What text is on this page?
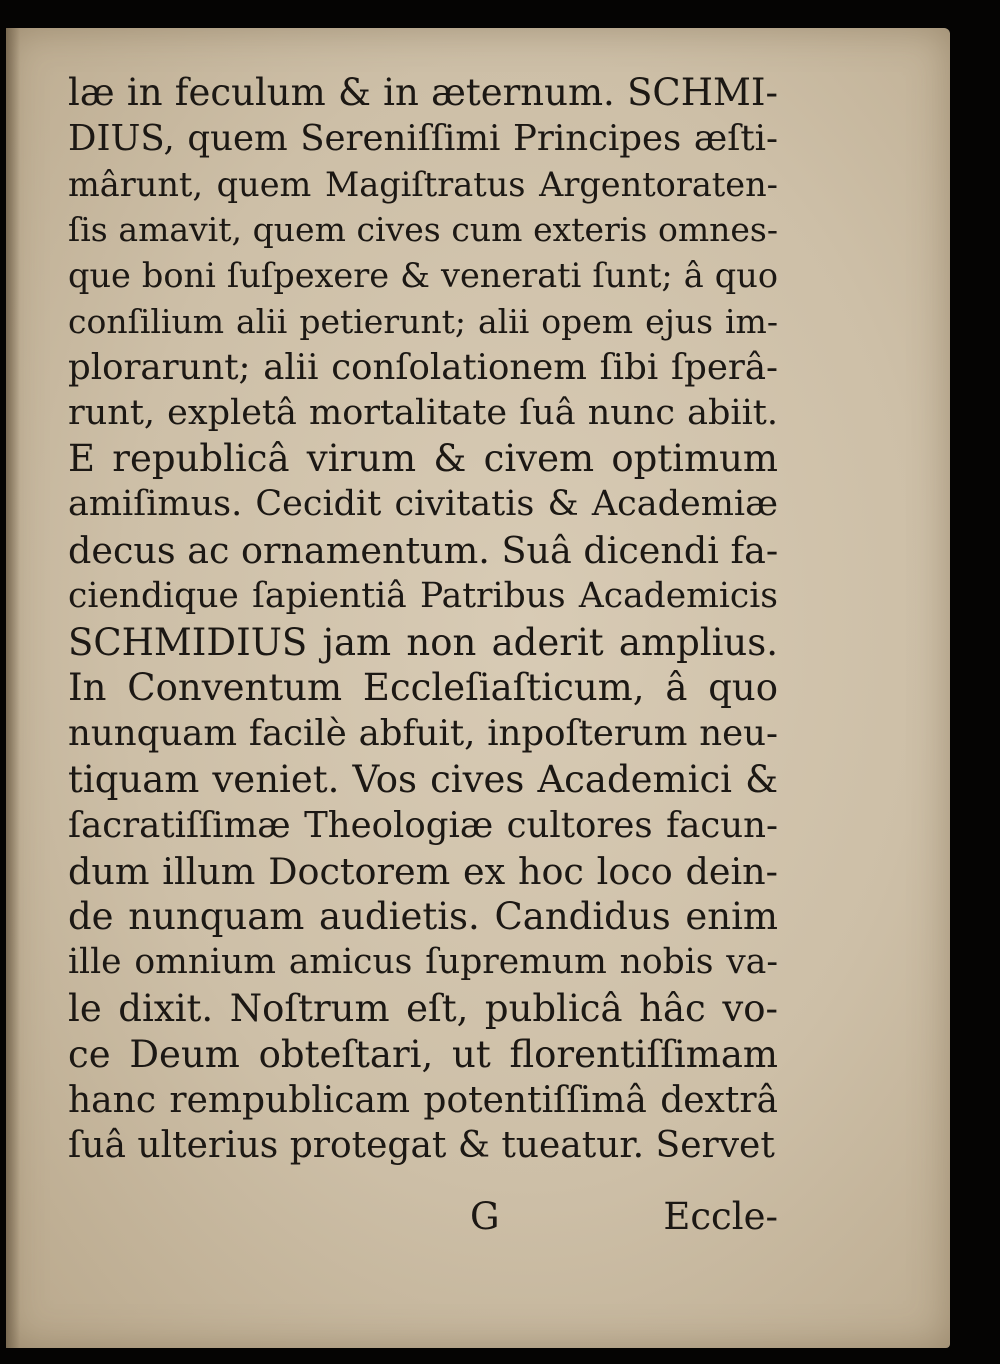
læ in feculum & in æternum. SCHMI-
DIUS, quem Sereniſſimi Principes æſti-
mârunt, quem Magiſtratus Argentoraten-
ſis amavit, quem cives cum exteris omnes-
que boni ſuſpexere & venerati ſunt; â quo
conſilium alii petierunt; alii opem ejus im-
plorarunt; alii conſolationem ſibi ſperâ-
runt, expletâ mortalitate ſuâ nunc abiit.
E republicâ virum & civem optimum
amiſimus. Cecidit civitatis & Academiæ
decus ac ornamentum. Suâ dicendi fa-
ciendique ſapientiâ Patribus Academicis
SCHMIDIUS jam non aderit amplius.
In Conventum Eccleſiaſticum, â quo
nunquam facilè abfuit, inpoſterum neu-
tiquam veniet. Vos cives Academici &
ſacratiſſimæ Theologiæ cultores facun-
dum illum Doctorem ex hoc loco dein-
de nunquam audietis. Candidus enim
ille omnium amicus ſupremum nobis va-
le dixit. Noſtrum eſt, publicâ hâc vo-
ce Deum obteſtari, ut florentiſſimam
hanc rempublicam potentiſſimâ dextrâ
ſuâ ulterius protegat & tueatur. Servet
G	Eccle-
